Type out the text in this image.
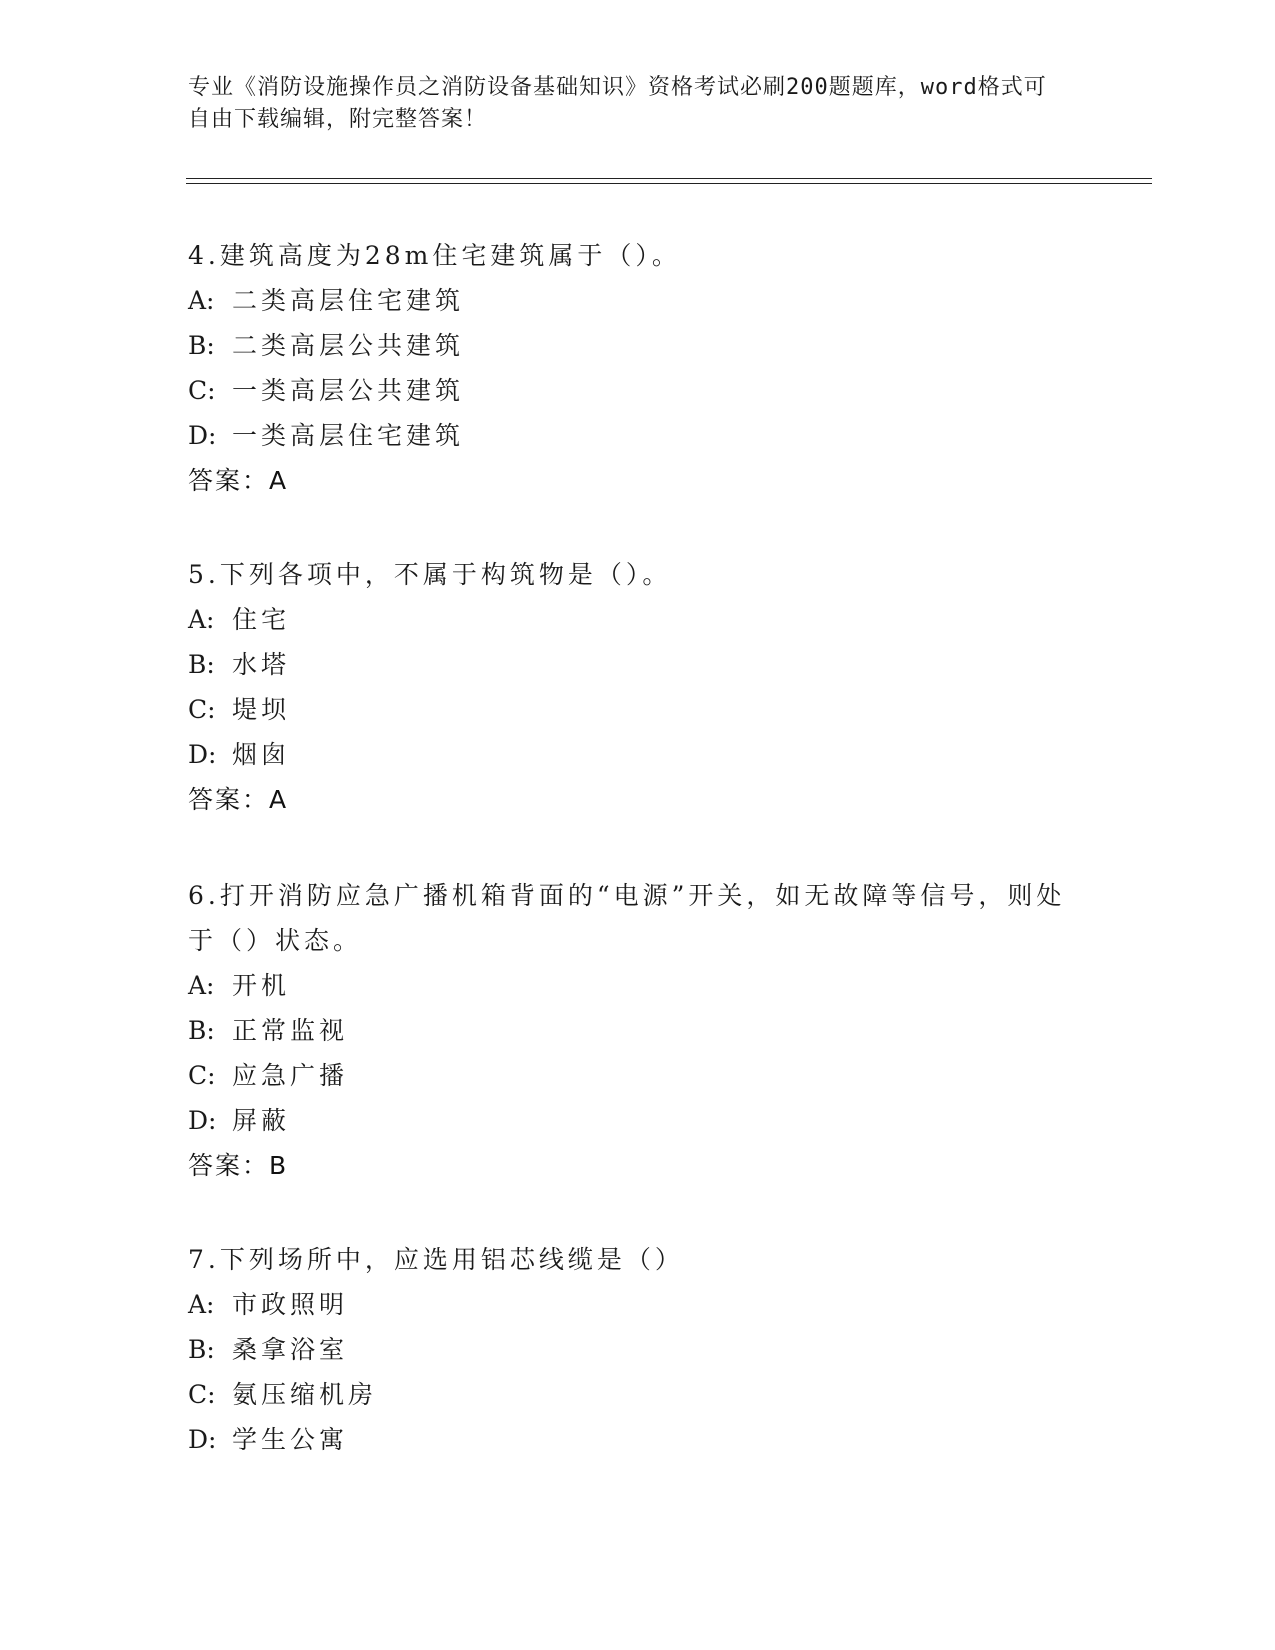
专业《消防设施操作员之消防设备基础知识》资格考试必刷200题题库，word格式可自由下载编辑，附完整答案！

4.建筑高度为28m住宅建筑属于（）。

A: 二类高层住宅建筑

B: 二类高层公共建筑

C: 一类高层公共建筑

D: 一类高层住宅建筑

答案：A

5.下列各项中，不属于构筑物是（）。

A: 住宅

B: 水塔

C: 堤坝

D: 烟囱

答案：A

6.打开消防应急广播机箱背面的“电源”开关，如无故障等信号，则处于（）状态。

A: 开机

B: 正常监视

C: 应急广播

D: 屏蔽

答案：B

7.下列场所中，应选用铝芯线缆是（）

A: 市政照明

B: 桑拿浴室

C: 氨压缩机房

D: 学生公寓
